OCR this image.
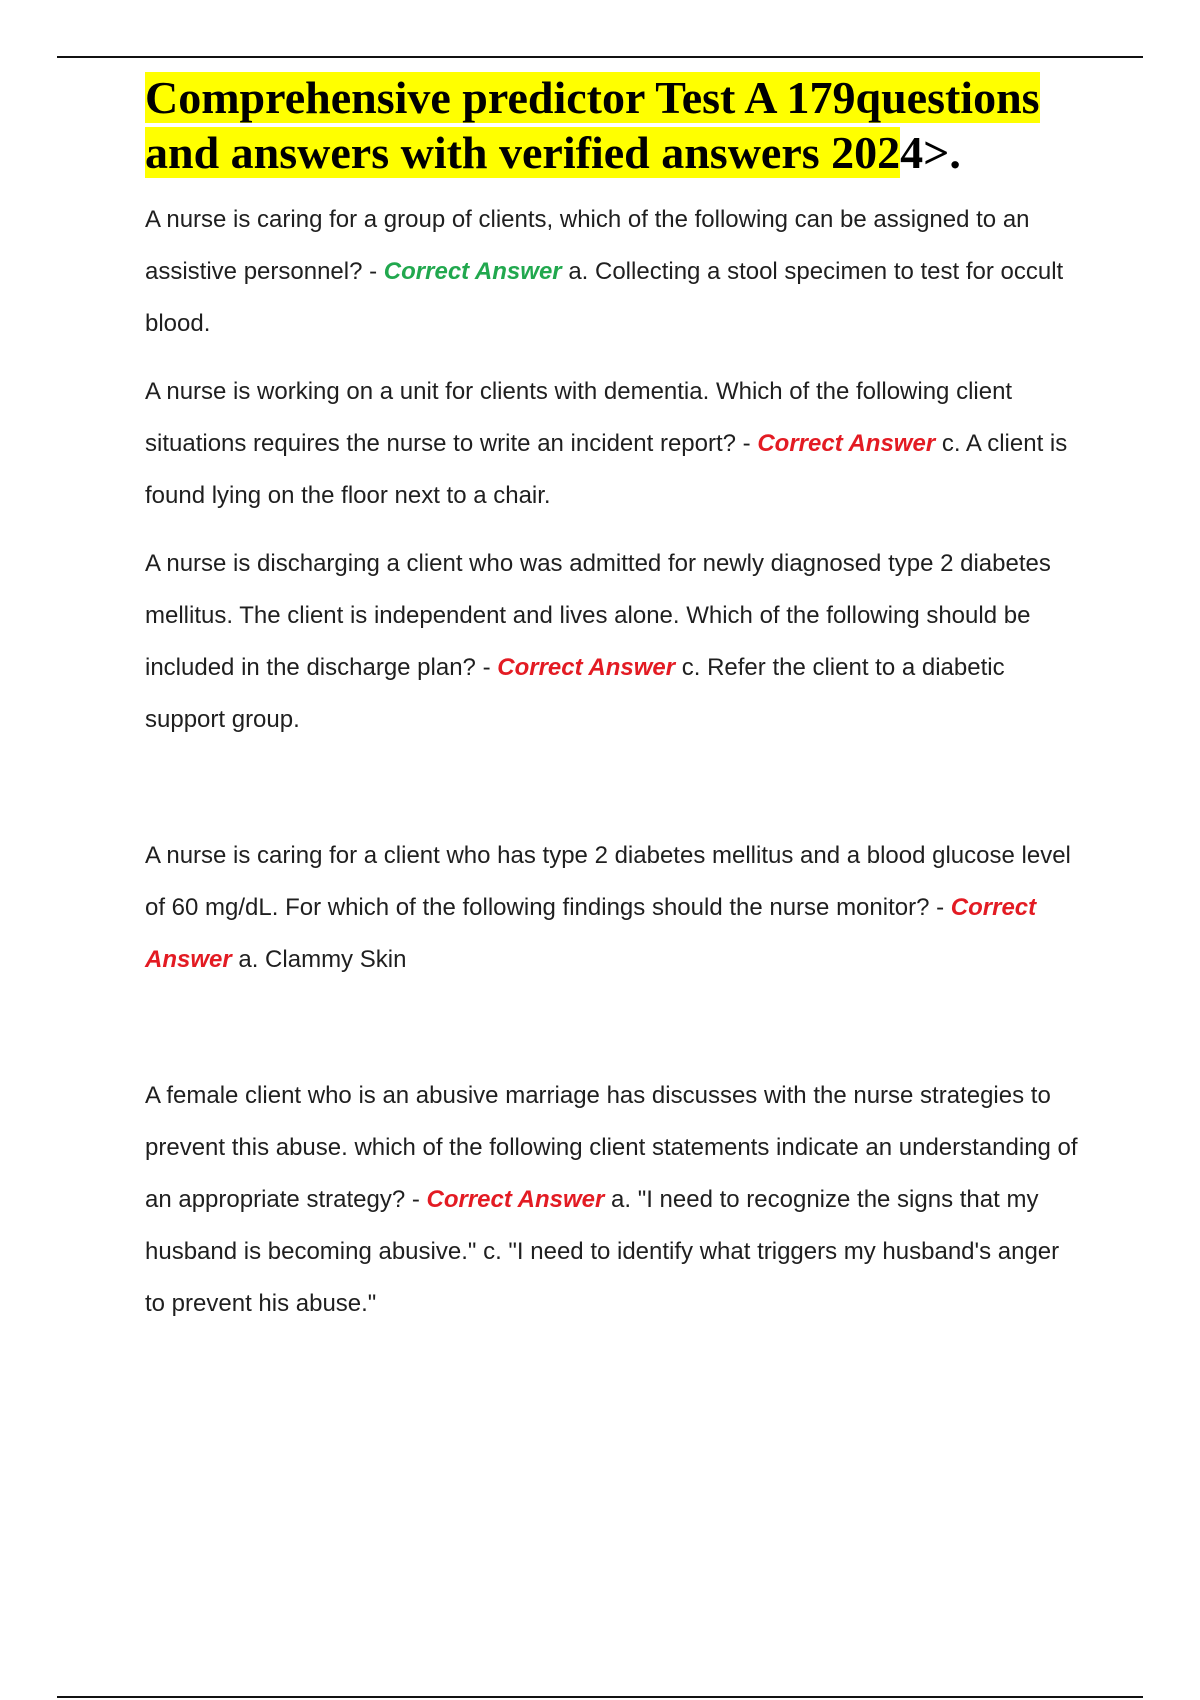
Comprehensive predictor Test A 179questions and answers with verified answers 2024>.

A nurse is caring for a group of clients, which of the following can be assigned to an assistive personnel? - Correct Answer a. Collecting a stool specimen to test for occult blood.

A nurse is working on a unit for clients with dementia. Which of the following client situations requires the nurse to write an incident report? - Correct Answer c. A client is found lying on the floor next to a chair.

A nurse is discharging a client who was admitted for newly diagnosed type 2 diabetes mellitus. The client is independent and lives alone. Which of the following should be included in the discharge plan? - Correct Answer c. Refer the client to a diabetic support group.

A nurse is caring for a client who has type 2 diabetes mellitus and a blood glucose level of 60 mg/dL. For which of the following findings should the nurse monitor? - Correct Answer a. Clammy Skin

A female client who is an abusive marriage has discusses with the nurse strategies to prevent this abuse. which of the following client statements indicate an understanding of an appropriate strategy? - Correct Answer a. "I need to recognize the signs that my husband is becoming abusive." c. "I need to identify what triggers my husband's anger to prevent his abuse."
